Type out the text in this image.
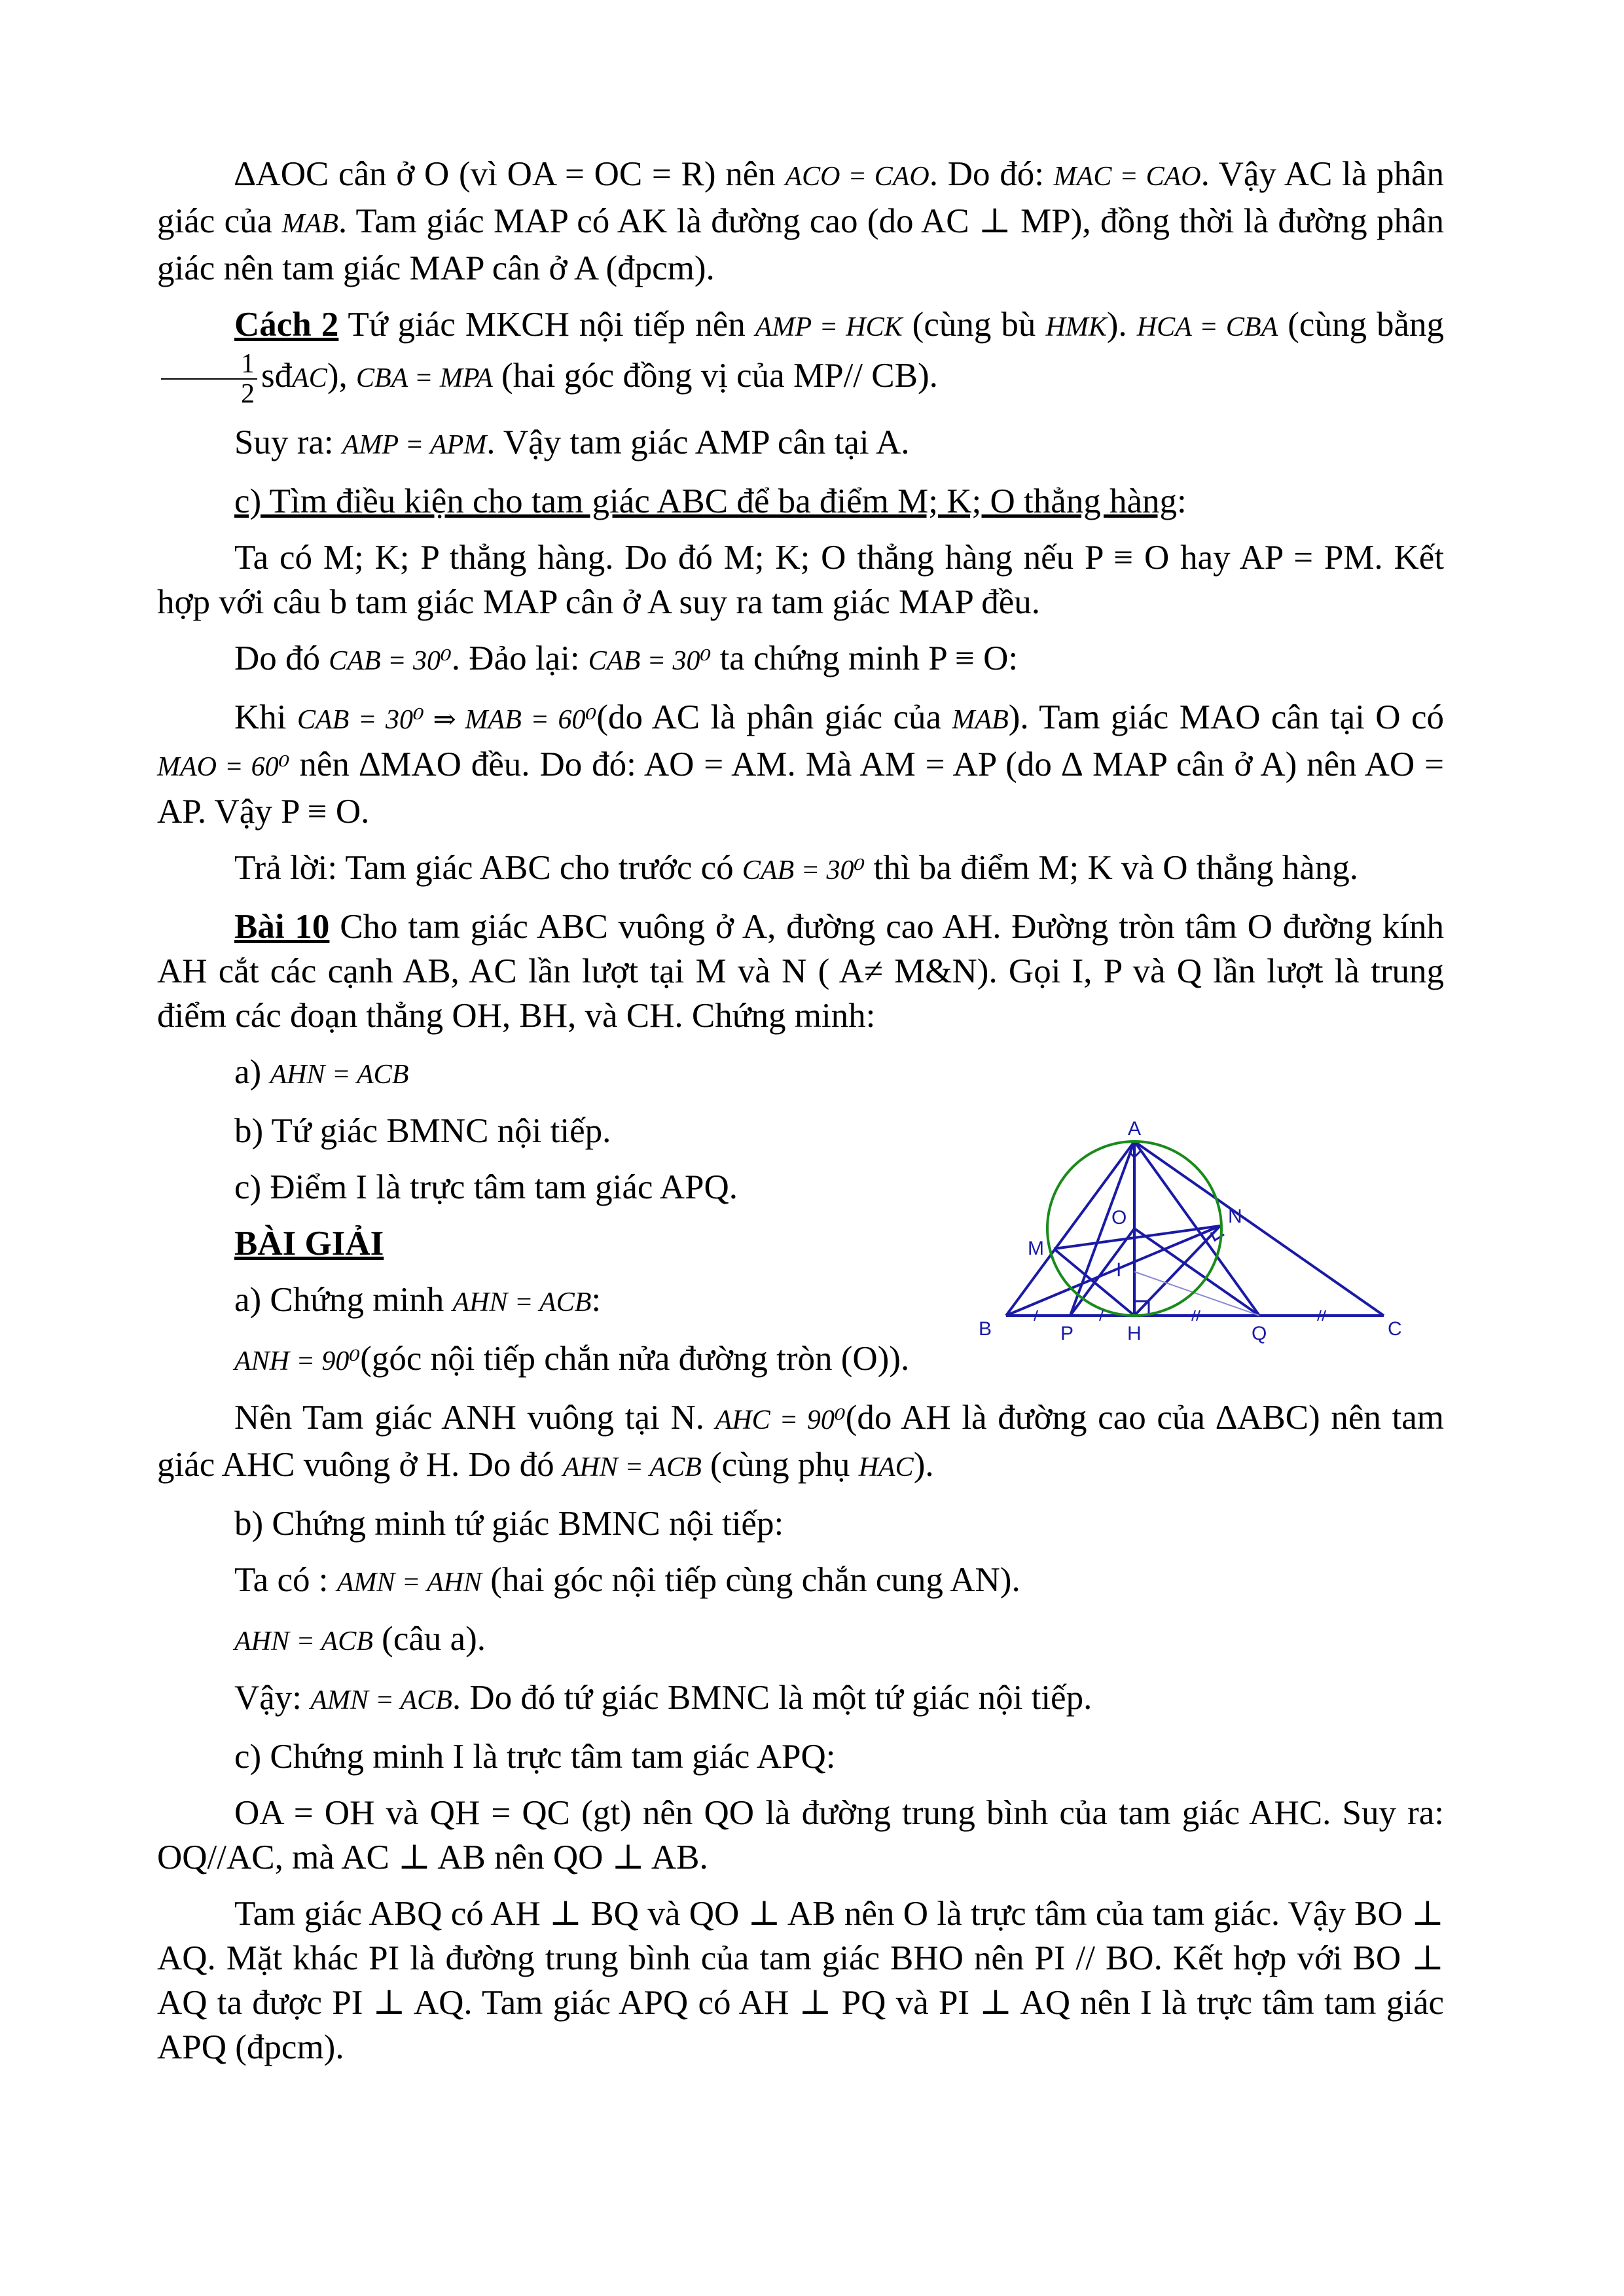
∆AOC cân ở O (vì OA = OC = R) nên ACO = CAO. Do đó: MAC = CAO. Vậy AC là phân giác của MAB. Tam giác MAP có AK là đường cao (do AC ⊥ MP), đồng thời là đường phân giác nên tam giác MAP cân ở A (đpcm).

Cách 2 Tứ giác MKCH nội tiếp nên AMP = HCK (cùng bù HMK). HCA = CBA (cùng bằng
$\frac{1}{2}$ sđAC), CBA = MPA (hai góc đồng vị của MP// CB).

Suy ra: AMP = APM. Vậy tam giác AMP cân tại A.

c) Tìm điều kiện cho tam giác ABC để ba điểm M; K; O thẳng hàng:

Ta có M; K; P thẳng hàng. Do đó M; K; O thẳng hàng nếu P ≡ O hay AP = PM. Kết hợp với câu b tam giác MAP cân ở A suy ra tam giác MAP đều.

Do đó CAB = 30⁰. Đảo lại: CAB = 30⁰ ta chứng minh P ≡ O:

Khi CAB = 30⁰ ⇒ MAB = 60⁰(do AC là phân giác của MAB). Tam giác MAO cân tại O có MAO = 60⁰ nên ∆MAO đều. Do đó: AO = AM. Mà AM = AP (do ∆ MAP cân ở A) nên AO = AP. Vậy P ≡ O.

Trả lời: Tam giác ABC cho trước có CAB = 30⁰ thì ba điểm M; K và O thẳng hàng.

Bài 10 Cho tam giác ABC vuông ở A, đường cao AH. Đường tròn tâm O đường kính AH cắt các cạnh AB, AC lần lượt tại M và N ( A≠ M&N). Gọi I, P và Q lần lượt là trung điểm các đoạn thẳng OH, BH, và CH. Chứng minh:

a) AHN = ACB

b) Tứ giác BMNC nội tiếp.

c) Điểm I là trực tâm tam giác APQ.

BÀI GIẢI

a) Chứng minh AHN = ACB:

ANH = 90⁰(góc nội tiếp chắn nửa đường tròn (O)).

Nên Tam giác ANH vuông tại N. AHC = 90⁰(do AH là đường cao của ∆ABC) nên tam giác AHC vuông ở H. Do đó AHN = ACB (cùng phụ HAC).

b) Chứng minh tứ giác BMNC nội tiếp:

Ta có : AMN = AHN (hai góc nội tiếp cùng chắn cung AN).

AHN = ACB (câu a).

Vậy: AMN = ACB. Do đó tứ giác BMNC là một tứ giác nội tiếp.

c) Chứng minh I là trực tâm tam giác APQ:

OA = OH và QH = QC (gt) nên QO là đường trung bình của tam giác AHC. Suy ra: OQ//AC, mà AC ⊥ AB nên QO ⊥ AB.

Tam giác ABQ có AH ⊥ BQ và QO ⊥ AB nên O là trực tâm của tam giác. Vậy BO ⊥ AQ. Mặt khác PI là đường trung bình của tam giác BHO nên PI // BO. Kết hợp với BO ⊥ AQ ta được PI ⊥ AQ. Tam giác APQ có AH ⊥ PQ và PI ⊥ AQ nên I là trực tâm tam giác APQ (đpcm).

A
N
O
M
I
B	P	H	Q	C
